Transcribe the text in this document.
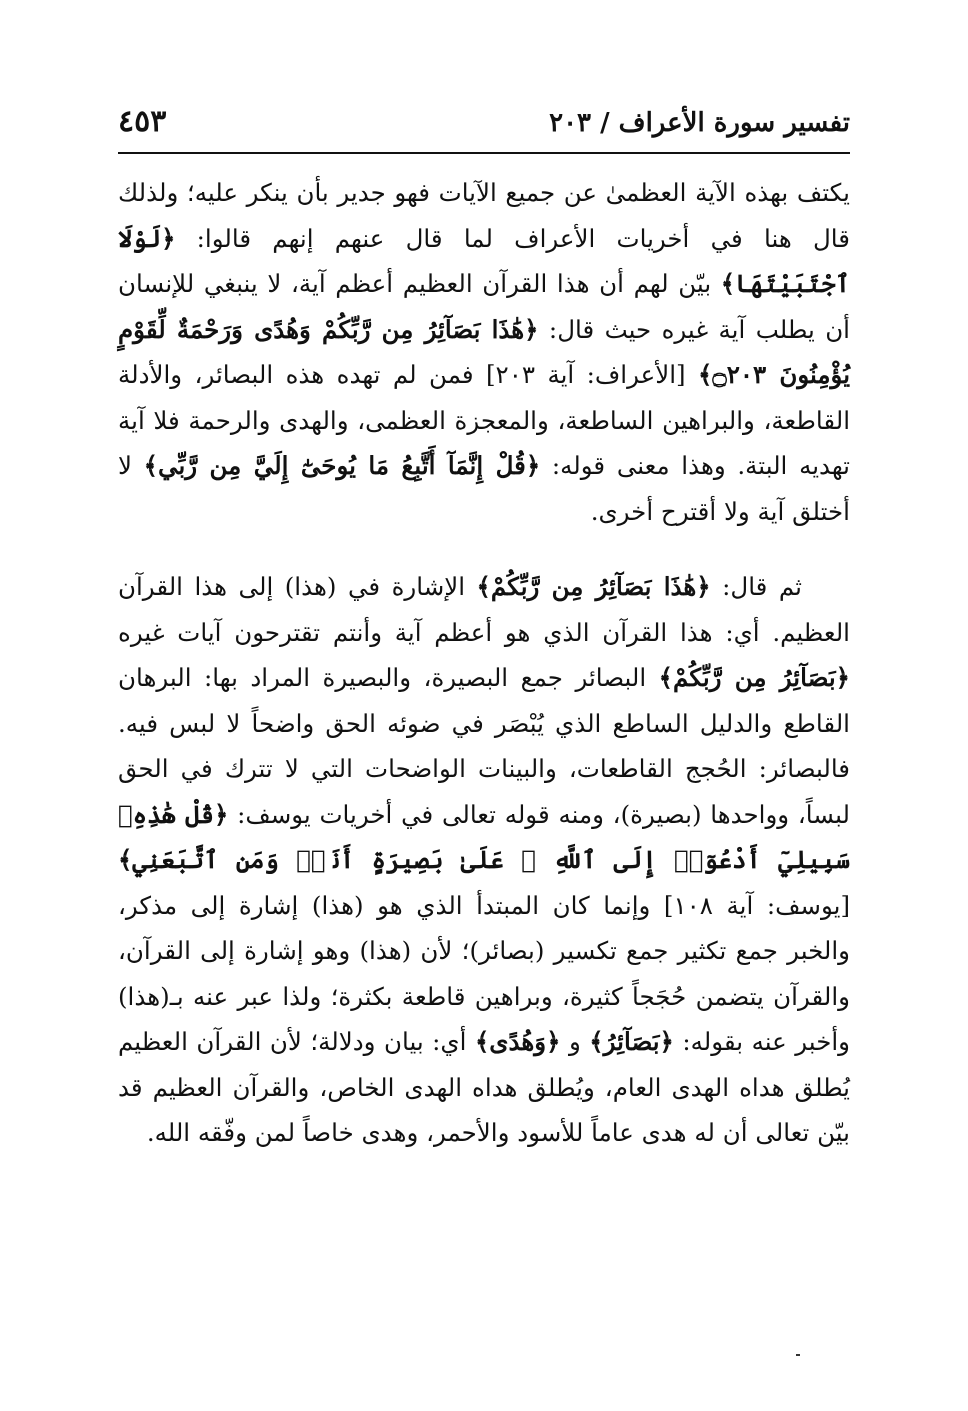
تفسير سورة الأعراف / ٢٠٣
٤٥٣

يكتف بهذه الآية العظمىٰ عن جميع الآيات فهو جدير بأن ينكر عليه؛ ولذلك قال هنا في أخريات الأعراف لما قال عنهم إنهم قالوا: ﴿لَوْلَا ٱجْتَبَيْتَهَا﴾ بيّن لهم أن هذا القرآن العظيم أعظم آية، لا ينبغي للإنسان أن يطلب آية غيره حيث قال: ﴿هَٰذَا بَصَآئِرُ مِن رَّبِّكُمْ وَهُدًى وَرَحْمَةٌ لِّقَوْمٍ يُؤْمِنُونَ ۝٢٠٣﴾ [الأعراف: آية ٢٠٣] فمن لم تهده هذه البصائر، والأدلة القاطعة، والبراهين الساطعة، والمعجزة العظمى، والهدى والرحمة فلا آية تهديه البتة. وهذا معنى قوله: ﴿قُلْ إِنَّمَآ أَتَّبِعُ مَا يُوحَىٰٓ إِلَيَّ مِن رَّبِّي﴾ لا أختلق آية ولا أقترح أخرى.

ثم قال: ﴿هَٰذَا بَصَآئِرُ مِن رَّبِّكُمْ﴾ الإشارة في (هذا) إلى هذا القرآن العظيم. أي: هذا القرآن الذي هو أعظم آية وأنتم تقترحون آيات غيره ﴿بَصَآئِرُ مِن رَّبِّكُمْ﴾ البصائر جمع البصيرة، والبصيرة المراد بها: البرهان القاطع والدليل الساطع الذي يُبْصَر في ضوئه الحق واضحاً لا لبس فيه. فالبصائر: الحُجج القاطعات، والبينات الواضحات التي لا تترك في الحق لبساً، وواحدها (بصيرة)، ومنه قوله تعالى في أخريات يوسف: ﴿قُلْ هَٰذِهِۦ سَبِيلِيٓ أَدْعُوٓا۟ إِلَى ٱللَّهِ ۚ عَلَىٰ بَصِيرَةٍ أَنَا۠ وَمَنِ ٱتَّبَعَنِي﴾ [يوسف: آية ١٠٨] وإنما كان المبتدأ الذي هو (هذا) إشارة إلى مذكر، والخبر جمع تكثير جمع تكسير (بصائر)؛ لأن (هذا) وهو إشارة إلى القرآن، والقرآن يتضمن حُجَجاً كثيرة، وبراهين قاطعة بكثرة؛ ولذا عبر عنه بـ(هذا) وأخبر عنه بقوله: ﴿بَصَآئِرُ﴾ و ﴿وَهُدًى﴾ أي: بيان ودلالة؛ لأن القرآن العظيم يُطلق هداه الهدى العام، ويُطلق هداه الهدى الخاص، والقرآن العظيم قد بيّن تعالى أن له هدى عاماً للأسود والأحمر، وهدى خاصاً لمن وفّقه الله.
